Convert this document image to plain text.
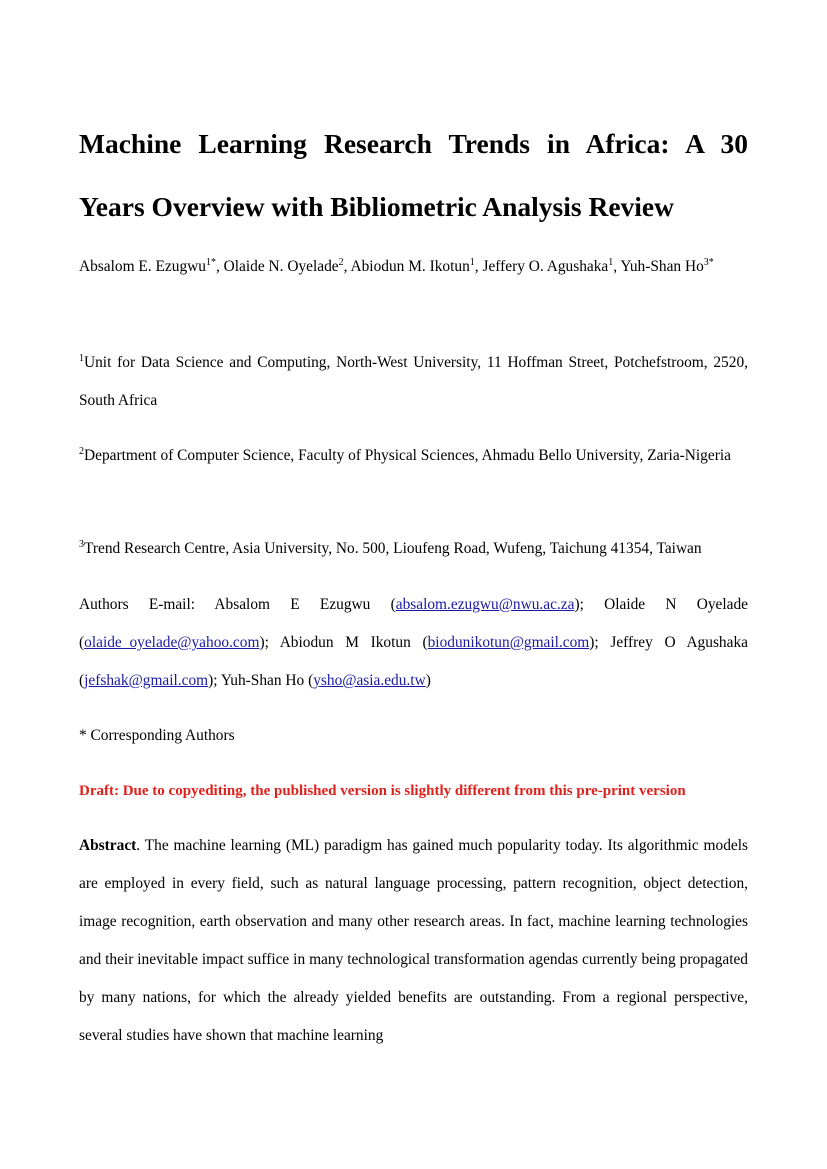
Machine Learning Research Trends in Africa: A 30 Years Overview with Bibliometric Analysis Review

Absalom E. Ezugwu$^{1*}$, Olaide N. Oyelade$^2$, Abiodun M. Ikotun$^1$, Jeffery O. Agushaka$^1$, Yuh-Shan $Ho^{3*}$

$^1$Unit for Data Science and Computing, North-West University, 11 Hoffman Street, Potchefstroom, 2520, South Africa

$^2$Department of Computer Science, Faculty of Physical Sciences, Ahmadu Bello University, Zaria-Nigeria

$^3$Trend Research Centre, Asia University, No. 500, Lioufeng Road, Wufeng, Taichung 41354, Taiwan

Authors E-mail: Absalom E Ezugwu (absalom.ezugwu@nwu.ac.za); Olaide N Oyelade (olaide_oyelade@yahoo.com); Abiodun M Ikotun (biodunikotun@gmail.com); Jeffrey O Agushaka (jefshak@gmail.com); Yuh-Shan Ho (ysho@asia.edu.tw)

* Corresponding Authors

Draft: Due to copyediting, the published version is slightly different from this pre-print version

Abstract. The machine learning (ML) paradigm has gained much popularity today. Its algorithmic models are employed in every field, such as natural language processing, pattern recognition, object detection, image recognition, earth observation and many other research areas. In fact, machine learning technologies and their inevitable impact suffice in many technological transformation agendas currently being propagated by many nations, for which the already yielded benefits are outstanding. From a regional perspective, several studies have shown that machine learning
